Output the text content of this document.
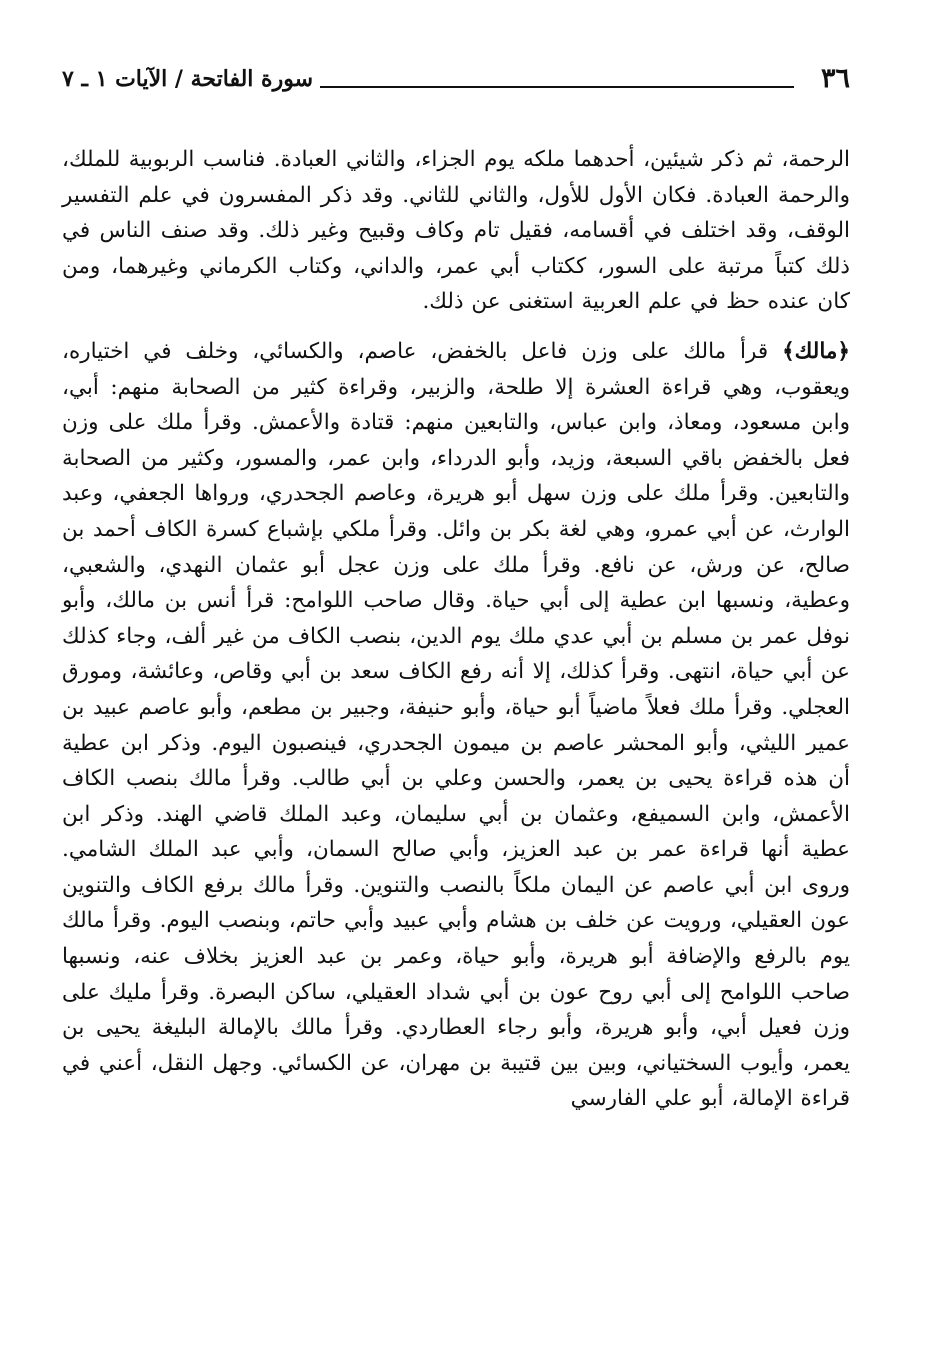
٣٦
سورة الفاتحة / الآيات ١ ـ ٧

الرحمة، ثم ذكر شيئين، أحدهما ملكه يوم الجزاء، والثاني العبادة. فناسب الربوبية للملك، والرحمة العبادة. فكان الأول للأول، والثاني للثاني. وقد ذكر المفسرون في علم التفسير الوقف، وقد اختلف في أقسامه، فقيل تام وكاف وقبيح وغير ذلك. وقد صنف الناس في ذلك كتباً مرتبة على السور، ككتاب أبي عمر، والداني، وكتاب الكرماني وغيرهما، ومن كان عنده حظ في علم العربية استغنى عن ذلك.

﴿مالك﴾ قرأ مالك على وزن فاعل بالخفض، عاصم، والكسائي، وخلف في اختياره، ويعقوب، وهي قراءة العشرة إلا طلحة، والزبير، وقراءة كثير من الصحابة منهم: أبي، وابن مسعود، ومعاذ، وابن عباس، والتابعين منهم: قتادة والأعمش. وقرأ ملك على وزن فعل بالخفض باقي السبعة، وزيد، وأبو الدرداء، وابن عمر، والمسور، وكثير من الصحابة والتابعين. وقرأ ملك على وزن سهل أبو هريرة، وعاصم الجحدري، ورواها الجعفي، وعبد الوارث، عن أبي عمرو، وهي لغة بكر بن وائل. وقرأ ملكي بإشباع كسرة الكاف أحمد بن صالح، عن ورش، عن نافع. وقرأ ملك على وزن عجل أبو عثمان النهدي، والشعبي، وعطية، ونسبها ابن عطية إلى أبي حياة. وقال صاحب اللوامح: قرأ أنس بن مالك، وأبو نوفل عمر بن مسلم بن أبي عدي ملك يوم الدين، بنصب الكاف من غير ألف، وجاء كذلك عن أبي حياة، انتهى. وقرأ كذلك، إلا أنه رفع الكاف سعد بن أبي وقاص، وعائشة، ومورق العجلي. وقرأ ملك فعلاً ماضياً أبو حياة، وأبو حنيفة، وجبير بن مطعم، وأبو عاصم عبيد بن عمير الليثي، وأبو المحشر عاصم بن ميمون الجحدري، فينصبون اليوم. وذكر ابن عطية أن هذه قراءة يحيى بن يعمر، والحسن وعلي بن أبي طالب. وقرأ مالك بنصب الكاف الأعمش، وابن السميفع، وعثمان بن أبي سليمان، وعبد الملك قاضي الهند. وذكر ابن عطية أنها قراءة عمر بن عبد العزيز، وأبي صالح السمان، وأبي عبد الملك الشامي. وروى ابن أبي عاصم عن اليمان ملكاً بالنصب والتنوين. وقرأ مالك برفع الكاف والتنوين عون العقيلي، ورويت عن خلف بن هشام وأبي عبيد وأبي حاتم، وبنصب اليوم. وقرأ مالك يوم بالرفع والإضافة أبو هريرة، وأبو حياة، وعمر بن عبد العزيز بخلاف عنه، ونسبها صاحب اللوامح إلى أبي روح عون بن أبي شداد العقيلي، ساكن البصرة. وقرأ مليك على وزن فعيل أبي، وأبو هريرة، وأبو رجاء العطاردي. وقرأ مالك بالإمالة البليغة يحيى بن يعمر، وأيوب السختياني، وبين بين قتيبة بن مهران، عن الكسائي. وجهل النقل، أعني في قراءة الإمالة، أبو علي الفارسي
